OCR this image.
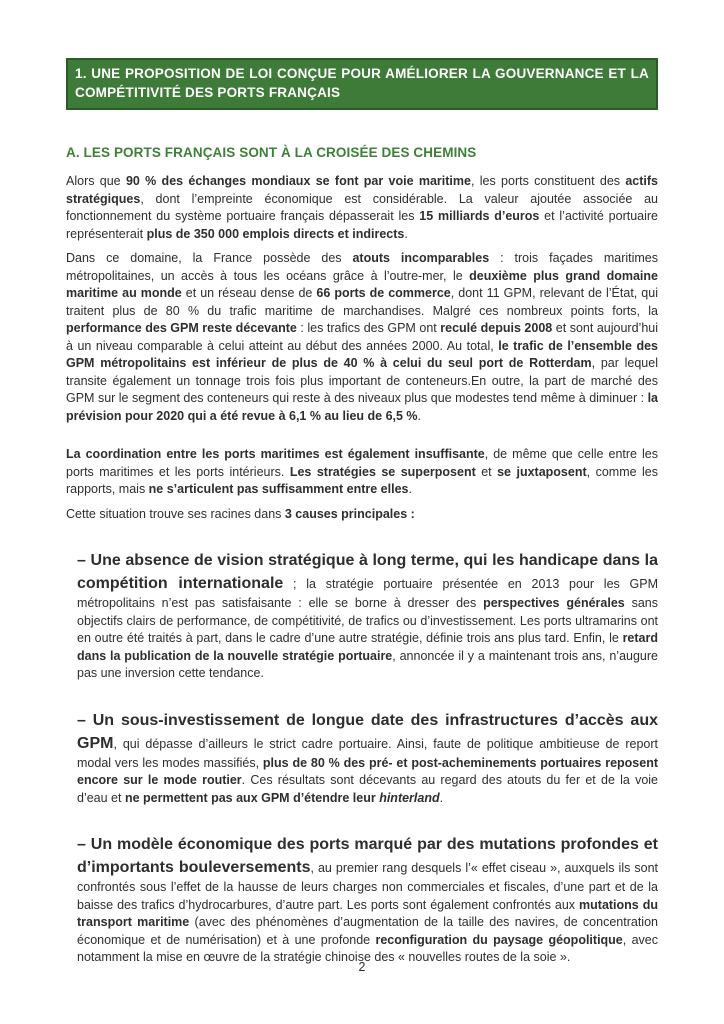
1. UNE PROPOSITION DE LOI CONÇUE POUR AMÉLIORER LA GOUVERNANCE ET LA COMPÉTITIVITÉ DES PORTS FRANÇAIS
A. LES PORTS FRANÇAIS SONT À LA CROISÉE DES CHEMINS

Alors que 90 % des échanges mondiaux se font par voie maritime, les ports constituent des actifs stratégiques, dont l’empreinte économique est considérable. La valeur ajoutée associée au fonctionnement du système portuaire français dépasserait les 15 milliards d’euros et l’activité portuaire représenterait plus de 350 000 emplois directs et indirects.

Dans ce domaine, la France possède des atouts incomparables : trois façades maritimes métropolitaines, un accès à tous les océans grâce à l’outre-mer, le deuxième plus grand domaine maritime au monde et un réseau dense de 66 ports de commerce, dont 11 GPM, relevant de l’État, qui traitent plus de 80 % du trafic maritime de marchandises. Malgré ces nombreux points forts, la performance des GPM reste décevante : les trafics des GPM ont reculé depuis 2008 et sont aujourd’hui à un niveau comparable à celui atteint au début des années 2000. Au total, le trafic de l’ensemble des GPM métropolitains est inférieur de plus de 40 % à celui du seul port de Rotterdam, par lequel transite également un tonnage trois fois plus important de conteneurs.En outre, la part de marché des GPM sur le segment des conteneurs qui reste à des niveaux plus que modestes tend même à diminuer : la prévision pour 2020 qui a été revue à 6,1 % au lieu de 6,5 %.

La coordination entre les ports maritimes est également insuffisante, de même que celle entre les ports maritimes et les ports intérieurs. Les stratégies se superposent et se juxtaposent, comme les rapports, mais ne s’articulent pas suffisamment entre elles.

Cette situation trouve ses racines dans 3 causes principales :

– Une absence de vision stratégique à long terme, qui les handicape dans la compétition internationale ; la stratégie portuaire présentée en 2013 pour les GPM métropolitains n’est pas satisfaisante : elle se borne à dresser des perspectives générales sans objectifs clairs de performance, de compétitivité, de trafics ou d’investissement. Les ports ultramarins ont en outre été traités à part, dans le cadre d’une autre stratégie, définie trois ans plus tard. Enfin, le retard dans la publication de la nouvelle stratégie portuaire, annoncée il y a maintenant trois ans, n’augure pas une inversion cette tendance.

– Un sous-investissement de longue date des infrastructures d’accès aux GPM, qui dépasse d’ailleurs le strict cadre portuaire. Ainsi, faute de politique ambitieuse de report modal vers les modes massifiés, plus de 80 % des pré- et post-acheminements portuaires reposent encore sur le mode routier. Ces résultats sont décevants au regard des atouts du fer et de la voie d’eau et ne permettent pas aux GPM d’étendre leur hinterland.

– Un modèle économique des ports marqué par des mutations profondes et d’importants bouleversements, au premier rang desquels l’« effet ciseau », auxquels ils sont confrontés sous l’effet de la hausse de leurs charges non commerciales et fiscales, d’une part et de la baisse des trafics d’hydrocarbures, d’autre part. Les ports sont également confrontés aux mutations du transport maritime (avec des phénomènes d’augmentation de la taille des navires, de concentration économique et de numérisation) et à une profonde reconfiguration du paysage géopolitique, avec notamment la mise en œuvre de la stratégie chinoise des « nouvelles routes de la soie ».

2
